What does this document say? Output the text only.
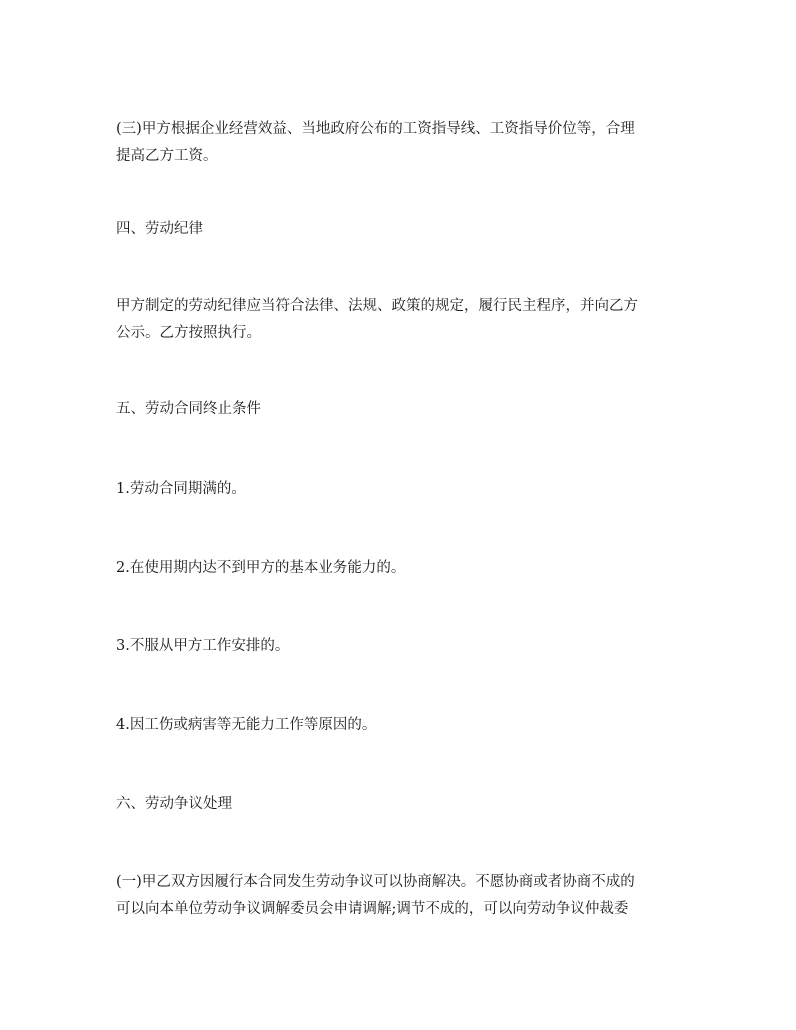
(三)甲方根据企业经营效益、当地政府公布的工资指导线、工资指导价位等，合理
提高乙方工资。

四、劳动纪律

甲方制定的劳动纪律应当符合法律、法规、政策的规定，履行民主程序，并向乙方
公示。乙方按照执行。

五、劳动合同终止条件

1.劳动合同期满的。

2.在使用期内达不到甲方的基本业务能力的。

3.不服从甲方工作安排的。

4.因工伤或病害等无能力工作等原因的。

六、劳动争议处理

(一)甲乙双方因履行本合同发生劳动争议可以协商解决。不愿协商或者协商不成的
可以向本单位劳动争议调解委员会申请调解;调节不成的，可以向劳动争议仲裁委
